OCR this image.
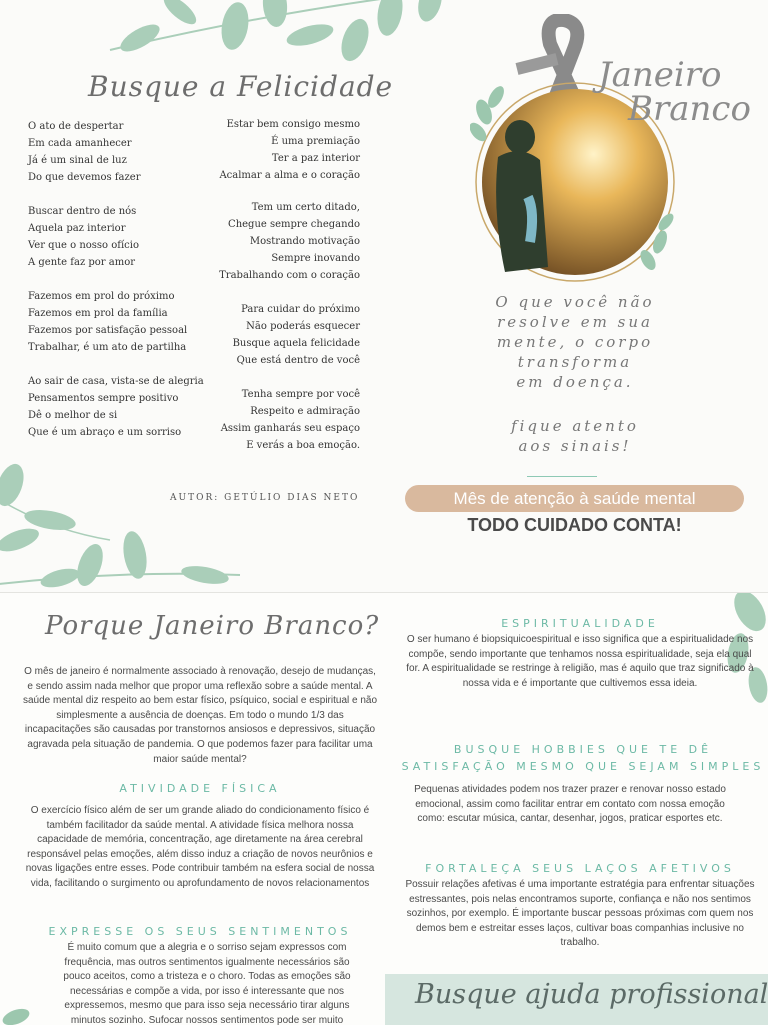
Busque a Felicidade

O ato de despertar

Em cada amanhecer

Já é um sinal de luz

Do que devemos fazer

Buscar dentro de nós

Aquela paz interior

Ver que o nosso ofício

A gente faz por amor

Fazemos em prol do próximo

Fazemos em prol da família

Fazemos por satisfação pessoal

Trabalhar, é um ato de partilha

Ao sair de casa, vista-se de alegria

Pensamentos sempre positivo

Dê o melhor de si

Que é um abraço e um sorriso

Estar bem consigo mesmo

É uma premiação

Ter a paz interior

Acalmar a alma e o coração

Tem um certo ditado,

Chegue sempre chegando

Mostrando motivação

Sempre inovando

Trabalhando com o coração

Para cuidar do próximo

Não poderás esquecer

Busque aquela felicidade

Que está dentro de você

Tenha sempre por você

Respeito e admiração

Assim ganharás seu espaço

E verás a boa emoção.

AUTOR: GETÚLIO DIAS NETO
Janeiro
Branco
O que você não
resolve em sua
mente, o corpo
transforma
em doença.
fique atento
aos sinais!
Mês de atenção à saúde mental
TODO CUIDADO CONTA!
Porque Janeiro Branco?
O mês de janeiro é normalmente associado à renovação, desejo de mudanças, e sendo assim nada melhor que propor uma reflexão sobre a saúde mental. A saúde mental diz respeito ao bem estar físico, psíquico, social e espiritual e não simplesmente a ausência de doenças. Em todo o mundo 1/3 das incapacitações são causadas por transtornos ansiosos e depressivos, situação agravada pela situação de pandemia. O que podemos fazer para facilitar uma maior saúde mental?
ATIVIDADE FÍSICA
O exercício físico além de ser um grande aliado do condicionamento físico é também facilitador da saúde mental. A atividade física melhora nossa capacidade de memória, concentração, age diretamente na área cerebral responsável pelas emoções, além disso induz a criação de novos neurônios e novas ligações entre esses. Pode contribuir também na esfera social de nossa vida, facilitando o surgimento ou aprofundamento de novos relacionamentos
EXPRESSE OS SEUS SENTIMENTOS
É muito comum que a alegria e o sorriso sejam expressos com frequência, mas outros sentimentos igualmente necessários são pouco aceitos, como a tristeza e o choro. Todas as emoções são necessárias e compõe a vida, por isso é interessante que nos expressemos, mesmo que para isso seja necessário tirar alguns minutos sozinho. Sufocar nossos sentimentos pode ser muito
ESPIRITUALIDADE
O ser humano é biopsiquicoespiritual e isso significa que a espiritualidade nos compõe, sendo importante que tenhamos nossa espiritualidade, seja ela qual for. A espiritualidade se restringe à religião, mas é aquilo que traz significado à nossa vida e é importante que cultivemos essa ideia.
BUSQUE HOBBIES QUE TE DÊ SATISFAÇÃO MESMO QUE SEJAM SIMPLES
Pequenas atividades podem nos trazer prazer e renovar nosso estado emocional, assim como facilitar entrar em contato com nossa emoção como: escutar música, cantar, desenhar, jogos, praticar esportes etc.
FORTALEÇA SEUS LAÇOS AFETIVOS
Possuir relações afetivas é uma importante estratégia para enfrentar situações estressantes, pois nelas encontramos suporte, confiança e não nos sentimos sozinhos, por exemplo. É importante buscar pessoas próximas com quem nos demos bem e estreitar esses laços, cultivar boas companhias inclusive no trabalho.
Busque ajuda profissional
